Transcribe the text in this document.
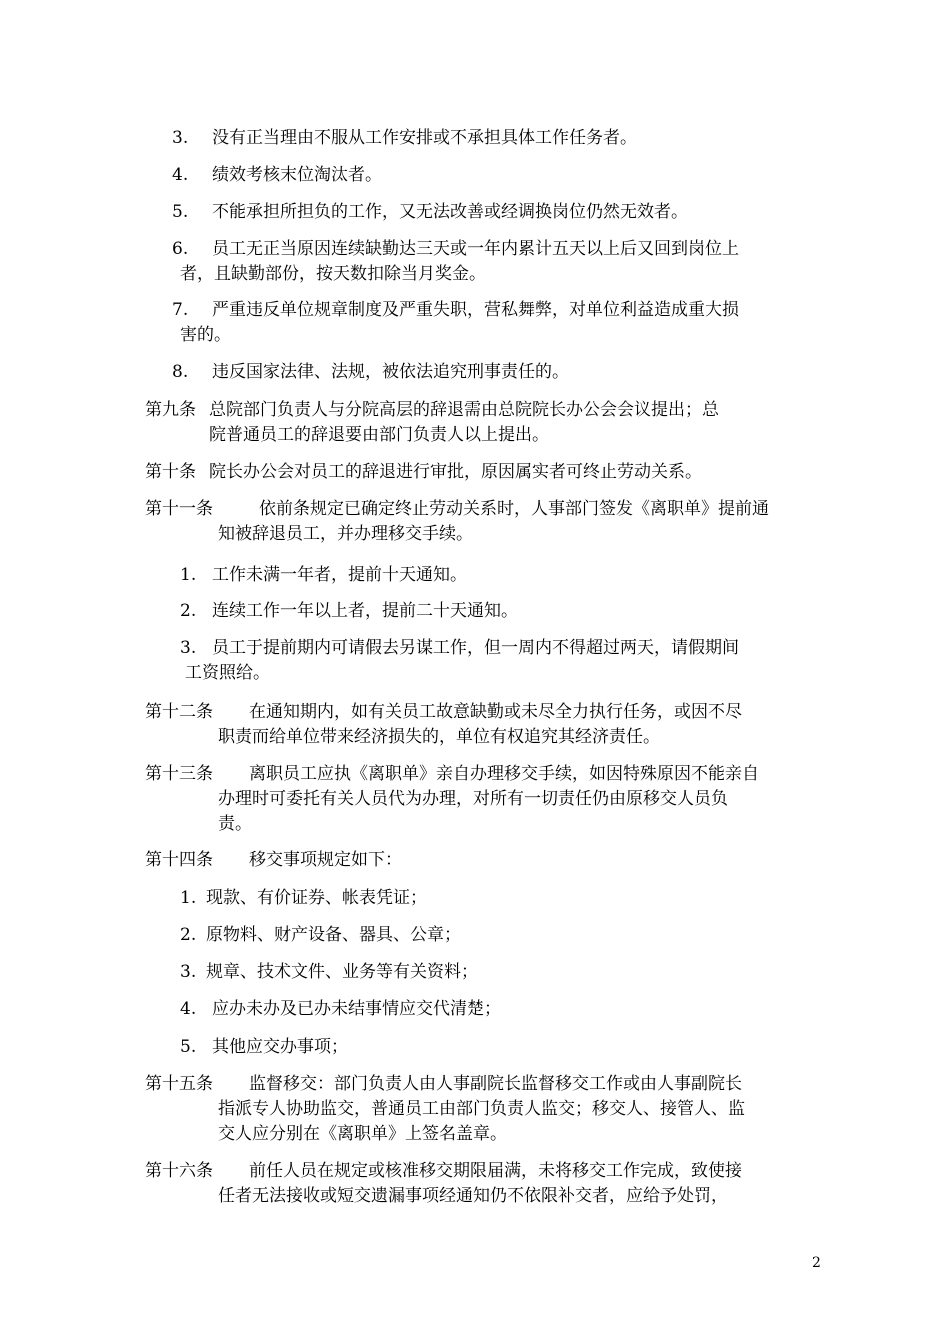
3. 没有正当理由不服从工作安排或不承担具体工作任务者。
4. 绩效考核末位淘汰者。
5. 不能承担所担负的工作，又无法改善或经调换岗位仍然无效者。
6. 员工无正当原因连续缺勤达三天或一年内累计五天以上后又回到岗位上
者，且缺勤部份，按天数扣除当月奖金。
7. 严重违反单位规章制度及严重失职，营私舞弊，对单位利益造成重大损
害的。
8. 违反国家法律、法规，被依法追究刑事责任的。
第九条 总院部门负责人与分院高层的辞退需由总院院长办公会会议提出；总
院普通员工的辞退要由部门负责人以上提出。
第十条 院长办公会对员工的辞退进行审批，原因属实者可终止劳动关系。
第十一条	依前条规定已确定终止劳动关系时，人事部门签发《离职单》提前通
知被辞退员工，并办理移交手续。
1. 工作未满一年者，提前十天通知。
2. 连续工作一年以上者，提前二十天通知。
3. 员工于提前期内可请假去另谋工作，但一周内不得超过两天，请假期间
工资照给。
第十二条 在通知期内，如有关员工故意缺勤或未尽全力执行任务，或因不尽
职责而给单位带来经济损失的，单位有权追究其经济责任。
第十三条 离职员工应执《离职单》亲自办理移交手续，如因特殊原因不能亲自
办理时可委托有关人员代为办理，对所有一切责任仍由原移交人员负
责。
第十四条 移交事项规定如下：
1. 现款、有价证券、帐表凭证；
2. 原物料、财产设备、器具、公章；
3. 规章、技术文件、业务等有关资料；
4. 应办未办及已办未结事情应交代清楚；
5. 其他应交办事项；
第十五条 监督移交：部门负责人由人事副院长监督移交工作或由人事副院长
指派专人协助监交，普通员工由部门负责人监交；移交人、接管人、监
交人应分别在《离职单》上签名盖章。
第十六条 前任人员在规定或核准移交期限届满，未将移交工作完成，致使接
任者无法接收或短交遗漏事项经通知仍不依限补交者，应给予处罚，
2
